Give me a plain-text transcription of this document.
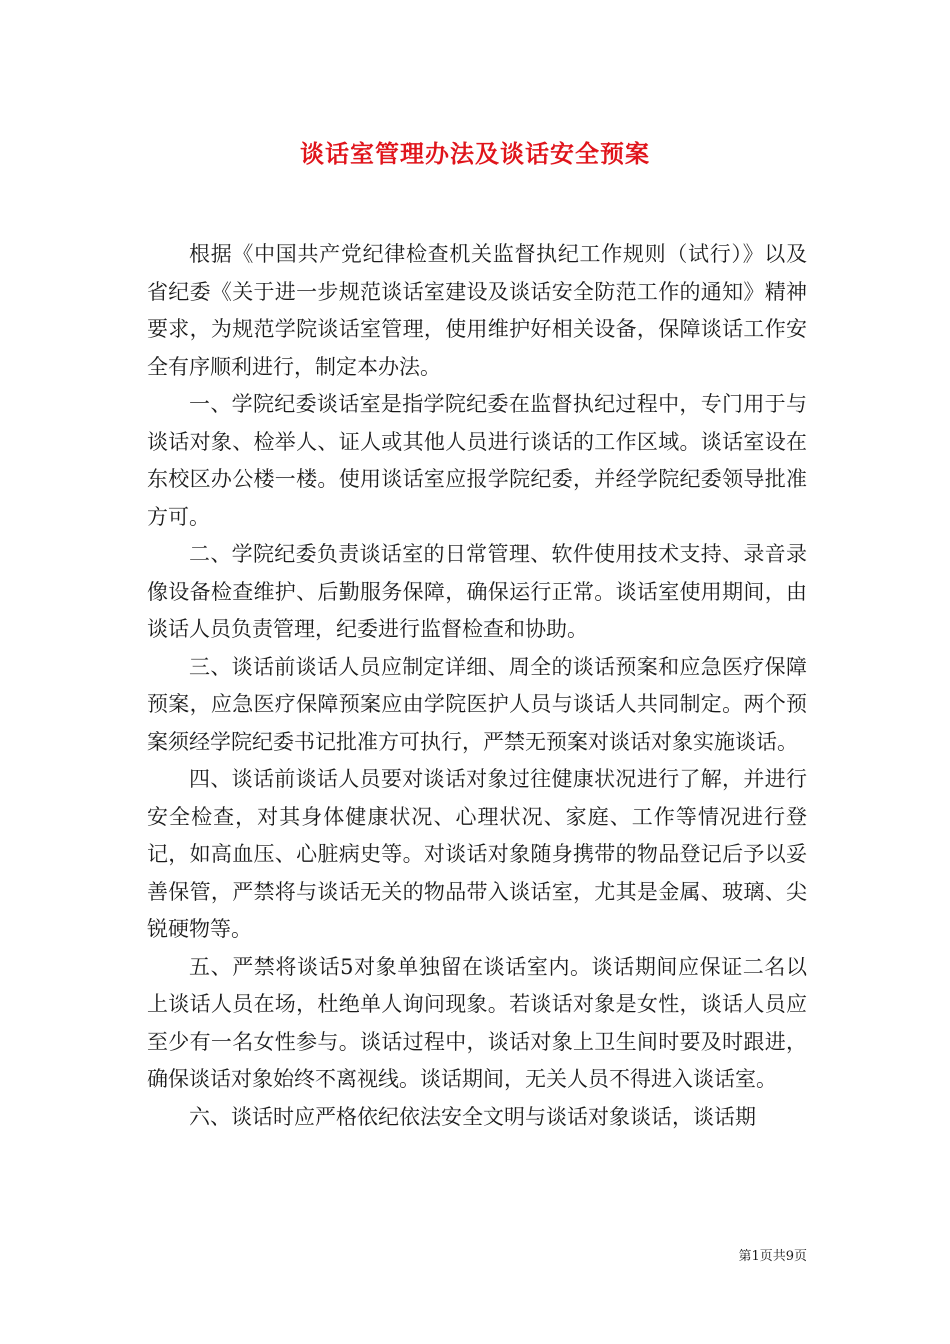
谈话室管理办法及谈话安全预案

根据《中国共产党纪律检查机关监督执纪工作规则（试行）》以及省纪委《关于进一步规范谈话室建设及谈话安全防范工作的通知》精神要求，为规范学院谈话室管理，使用维护好相关设备，保障谈话工作安全有序顺利进行，制定本办法。

一、学院纪委谈话室是指学院纪委在监督执纪过程中，专门用于与谈话对象、检举人、证人或其他人员进行谈话的工作区域。谈话室设在东校区办公楼一楼。使用谈话室应报学院纪委，并经学院纪委领导批准方可。

二、学院纪委负责谈话室的日常管理、软件使用技术支持、录音录像设备检查维护、后勤服务保障，确保运行正常。谈话室使用期间，由谈话人员负责管理，纪委进行监督检查和协助。

三、谈话前谈话人员应制定详细、周全的谈话预案和应急医疗保障预案，应急医疗保障预案应由学院医护人员与谈话人共同制定。两个预案须经学院纪委书记批准方可执行，严禁无预案对谈话对象实施谈话。

四、谈话前谈话人员要对谈话对象过往健康状况进行了解，并进行安全检查，对其身体健康状况、心理状况、家庭、工作等情况进行登记，如高血压、心脏病史等。对谈话对象随身携带的物品登记后予以妥善保管，严禁将与谈话无关的物品带入谈话室，尤其是金属、玻璃、尖锐硬物等。

五、严禁将谈话5对象单独留在谈话室内。谈话期间应保证二名以上谈话人员在场，杜绝单人询问现象。若谈话对象是女性，谈话人员应至少有一名女性参与。谈话过程中，谈话对象上卫生间时要及时跟进，确保谈话对象始终不离视线。谈话期间，无关人员不得进入谈话室。

六、谈话时应严格依纪依法安全文明与谈话对象谈话，谈话期

第1页共9页
